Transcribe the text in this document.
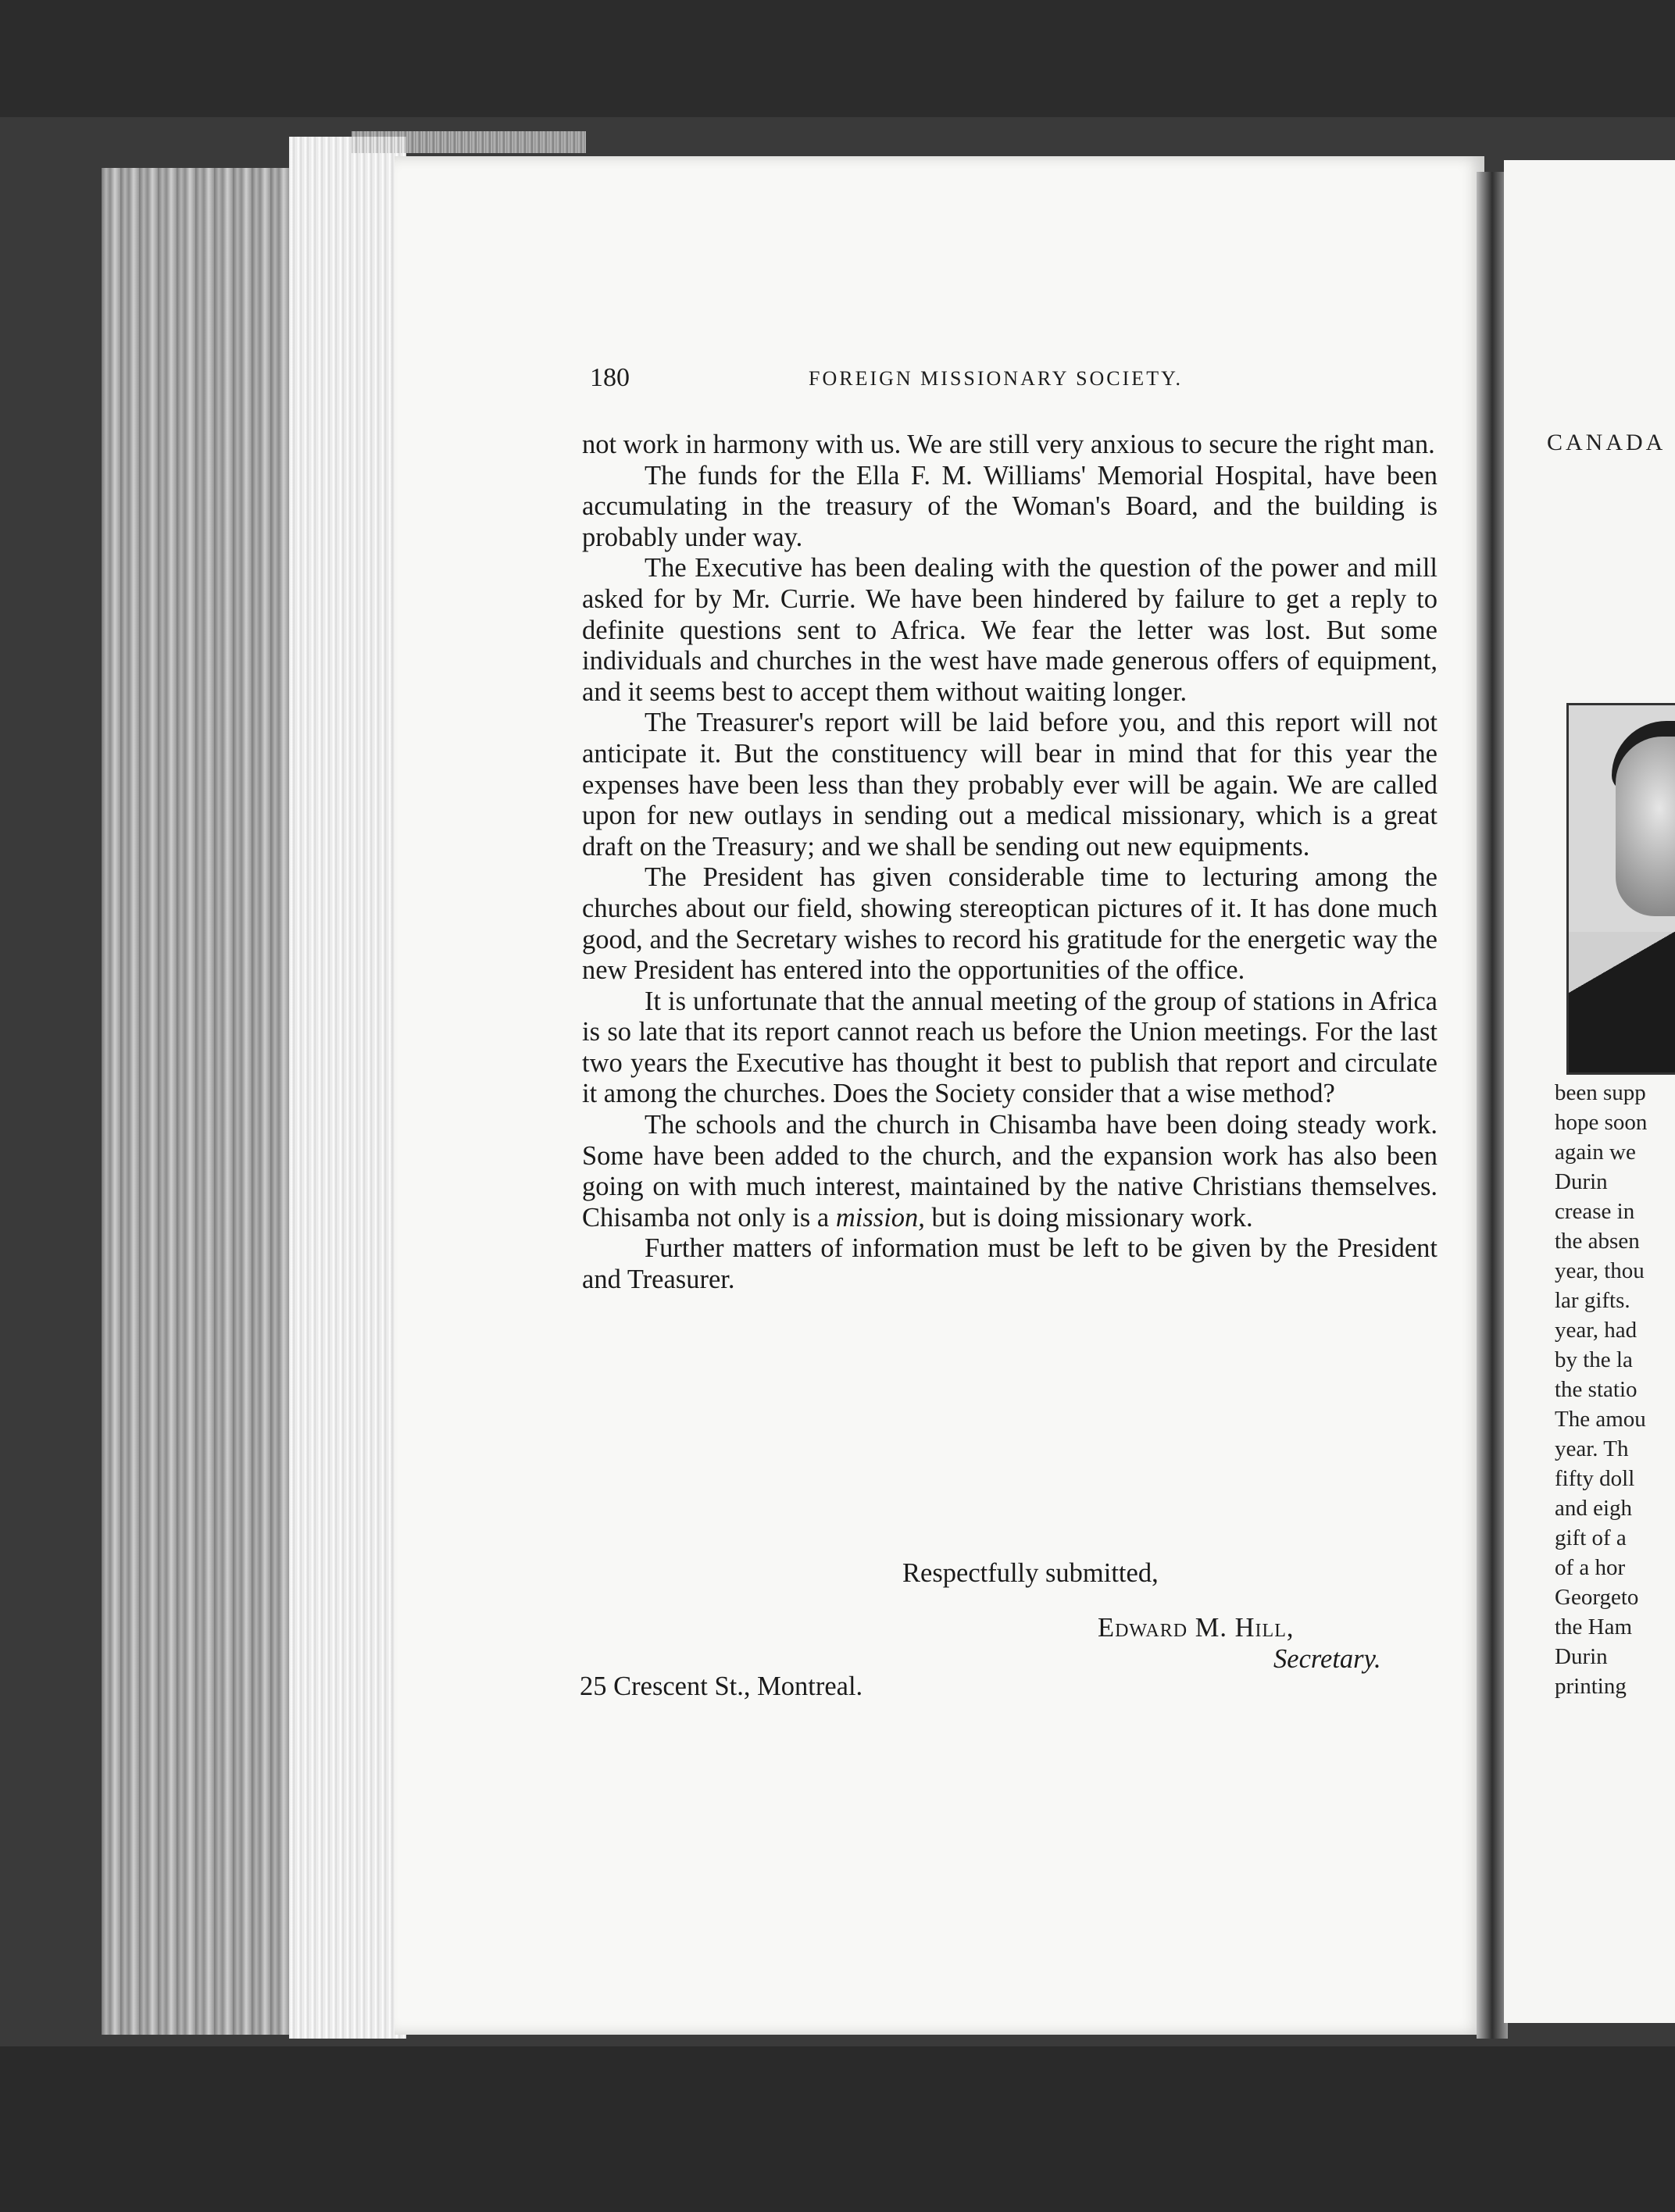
180	FOREIGN MISSIONARY SOCIETY.

not work in harmony with us. We are still very anxious to secure the right man.

The funds for the Ella F. M. Williams' Memorial Hospital, have been accumulating in the treasury of the Woman's Board, and the building is probably under way.

The Executive has been dealing with the question of the power and mill asked for by Mr. Currie. We have been hindered by failure to get a reply to definite questions sent to Africa. We fear the letter was lost. But some individuals and churches in the west have made generous offers of equipment, and it seems best to accept them without waiting longer.

The Treasurer's report will be laid before you, and this report will not anticipate it. But the constituency will bear in mind that for this year the expenses have been less than they probably ever will be again. We are called upon for new outlays in sending out a medical missionary, which is a great draft on the Treasury; and we shall be sending out new equipments.

The President has given considerable time to lecturing among the churches about our field, showing stereoptican pictures of it. It has done much good, and the Secretary wishes to record his gratitude for the energetic way the new President has entered into the opportunities of the office.

It is unfortunate that the annual meeting of the group of stations in Africa is so late that its report cannot reach us before the Union meetings. For the last two years the Executive has thought it best to publish that report and circulate it among the churches. Does the Society consider that a wise method?

The schools and the church in Chisamba have been doing steady work. Some have been added to the church, and the expansion work has also been going on with much interest, maintained by the native Christians themselves. Chisamba not only is a mission, but is doing missionary work.

Further matters of information must be left to be given by the President and Treasurer.

Respectfully submitted,
Edward M. Hill,
Secretary.
25 Crescent St., Montreal.
CANADA
been supp
hope soon
again we
Durin
crease in
the absen
year, thou
lar gifts.
year, had
by the la
the statio
The amou
year. Th
fifty doll
and eigh
gift of a
of a hor
Georgeto
the Ham
Durin
printing
